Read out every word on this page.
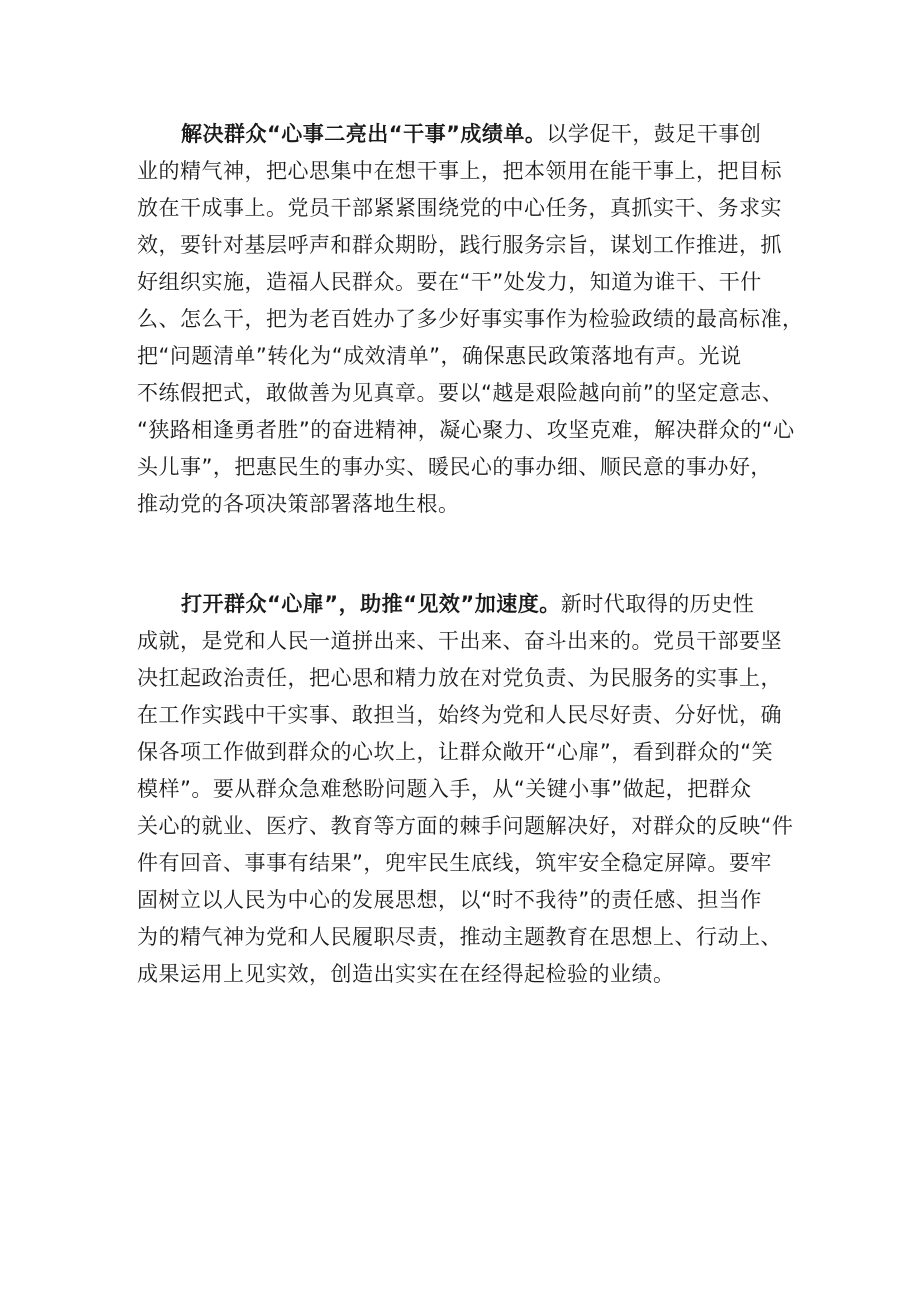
解决群众“心事二亮出“干事”成绩单。以学促干，鼓足干事创
业的精气神，把心思集中在想干事上，把本领用在能干事上，把目标
放在干成事上。党员干部紧紧围绕党的中心任务，真抓实干、务求实
效，要针对基层呼声和群众期盼，践行服务宗旨，谋划工作推进，抓
好组织实施，造福人民群众。要在“干”处发力，知道为谁干、干什
么、怎么干，把为老百姓办了多少好事实事作为检验政绩的最高标准，
把“问题清单”转化为“成效清单”，确保惠民政策落地有声。光说
不练假把式，敢做善为见真章。要以“越是艰险越向前”的坚定意志、
“狭路相逢勇者胜”的奋进精神，凝心聚力、攻坚克难，解决群众的“心
头儿事”，把惠民生的事办实、暖民心的事办细、顺民意的事办好，
推动党的各项决策部署落地生根。
打开群众“心扉”，助推“见效”加速度。新时代取得的历史性
成就，是党和人民一道拼出来、干出来、奋斗出来的。党员干部要坚
决扛起政治责任，把心思和精力放在对党负责、为民服务的实事上，
在工作实践中干实事、敢担当，始终为党和人民尽好责、分好忧，确
保各项工作做到群众的心坎上，让群众敞开“心扉”，看到群众的“笑
模样”。要从群众急难愁盼问题入手，从“关键小事”做起，把群众
关心的就业、医疗、教育等方面的棘手问题解决好，对群众的反映“件
件有回音、事事有结果”，兜牢民生底线，筑牢安全稳定屏障。要牢
固树立以人民为中心的发展思想，以“时不我待”的责任感、担当作
为的精气神为党和人民履职尽责，推动主题教育在思想上、行动上、
成果运用上见实效，创造出实实在在经得起检验的业绩。
